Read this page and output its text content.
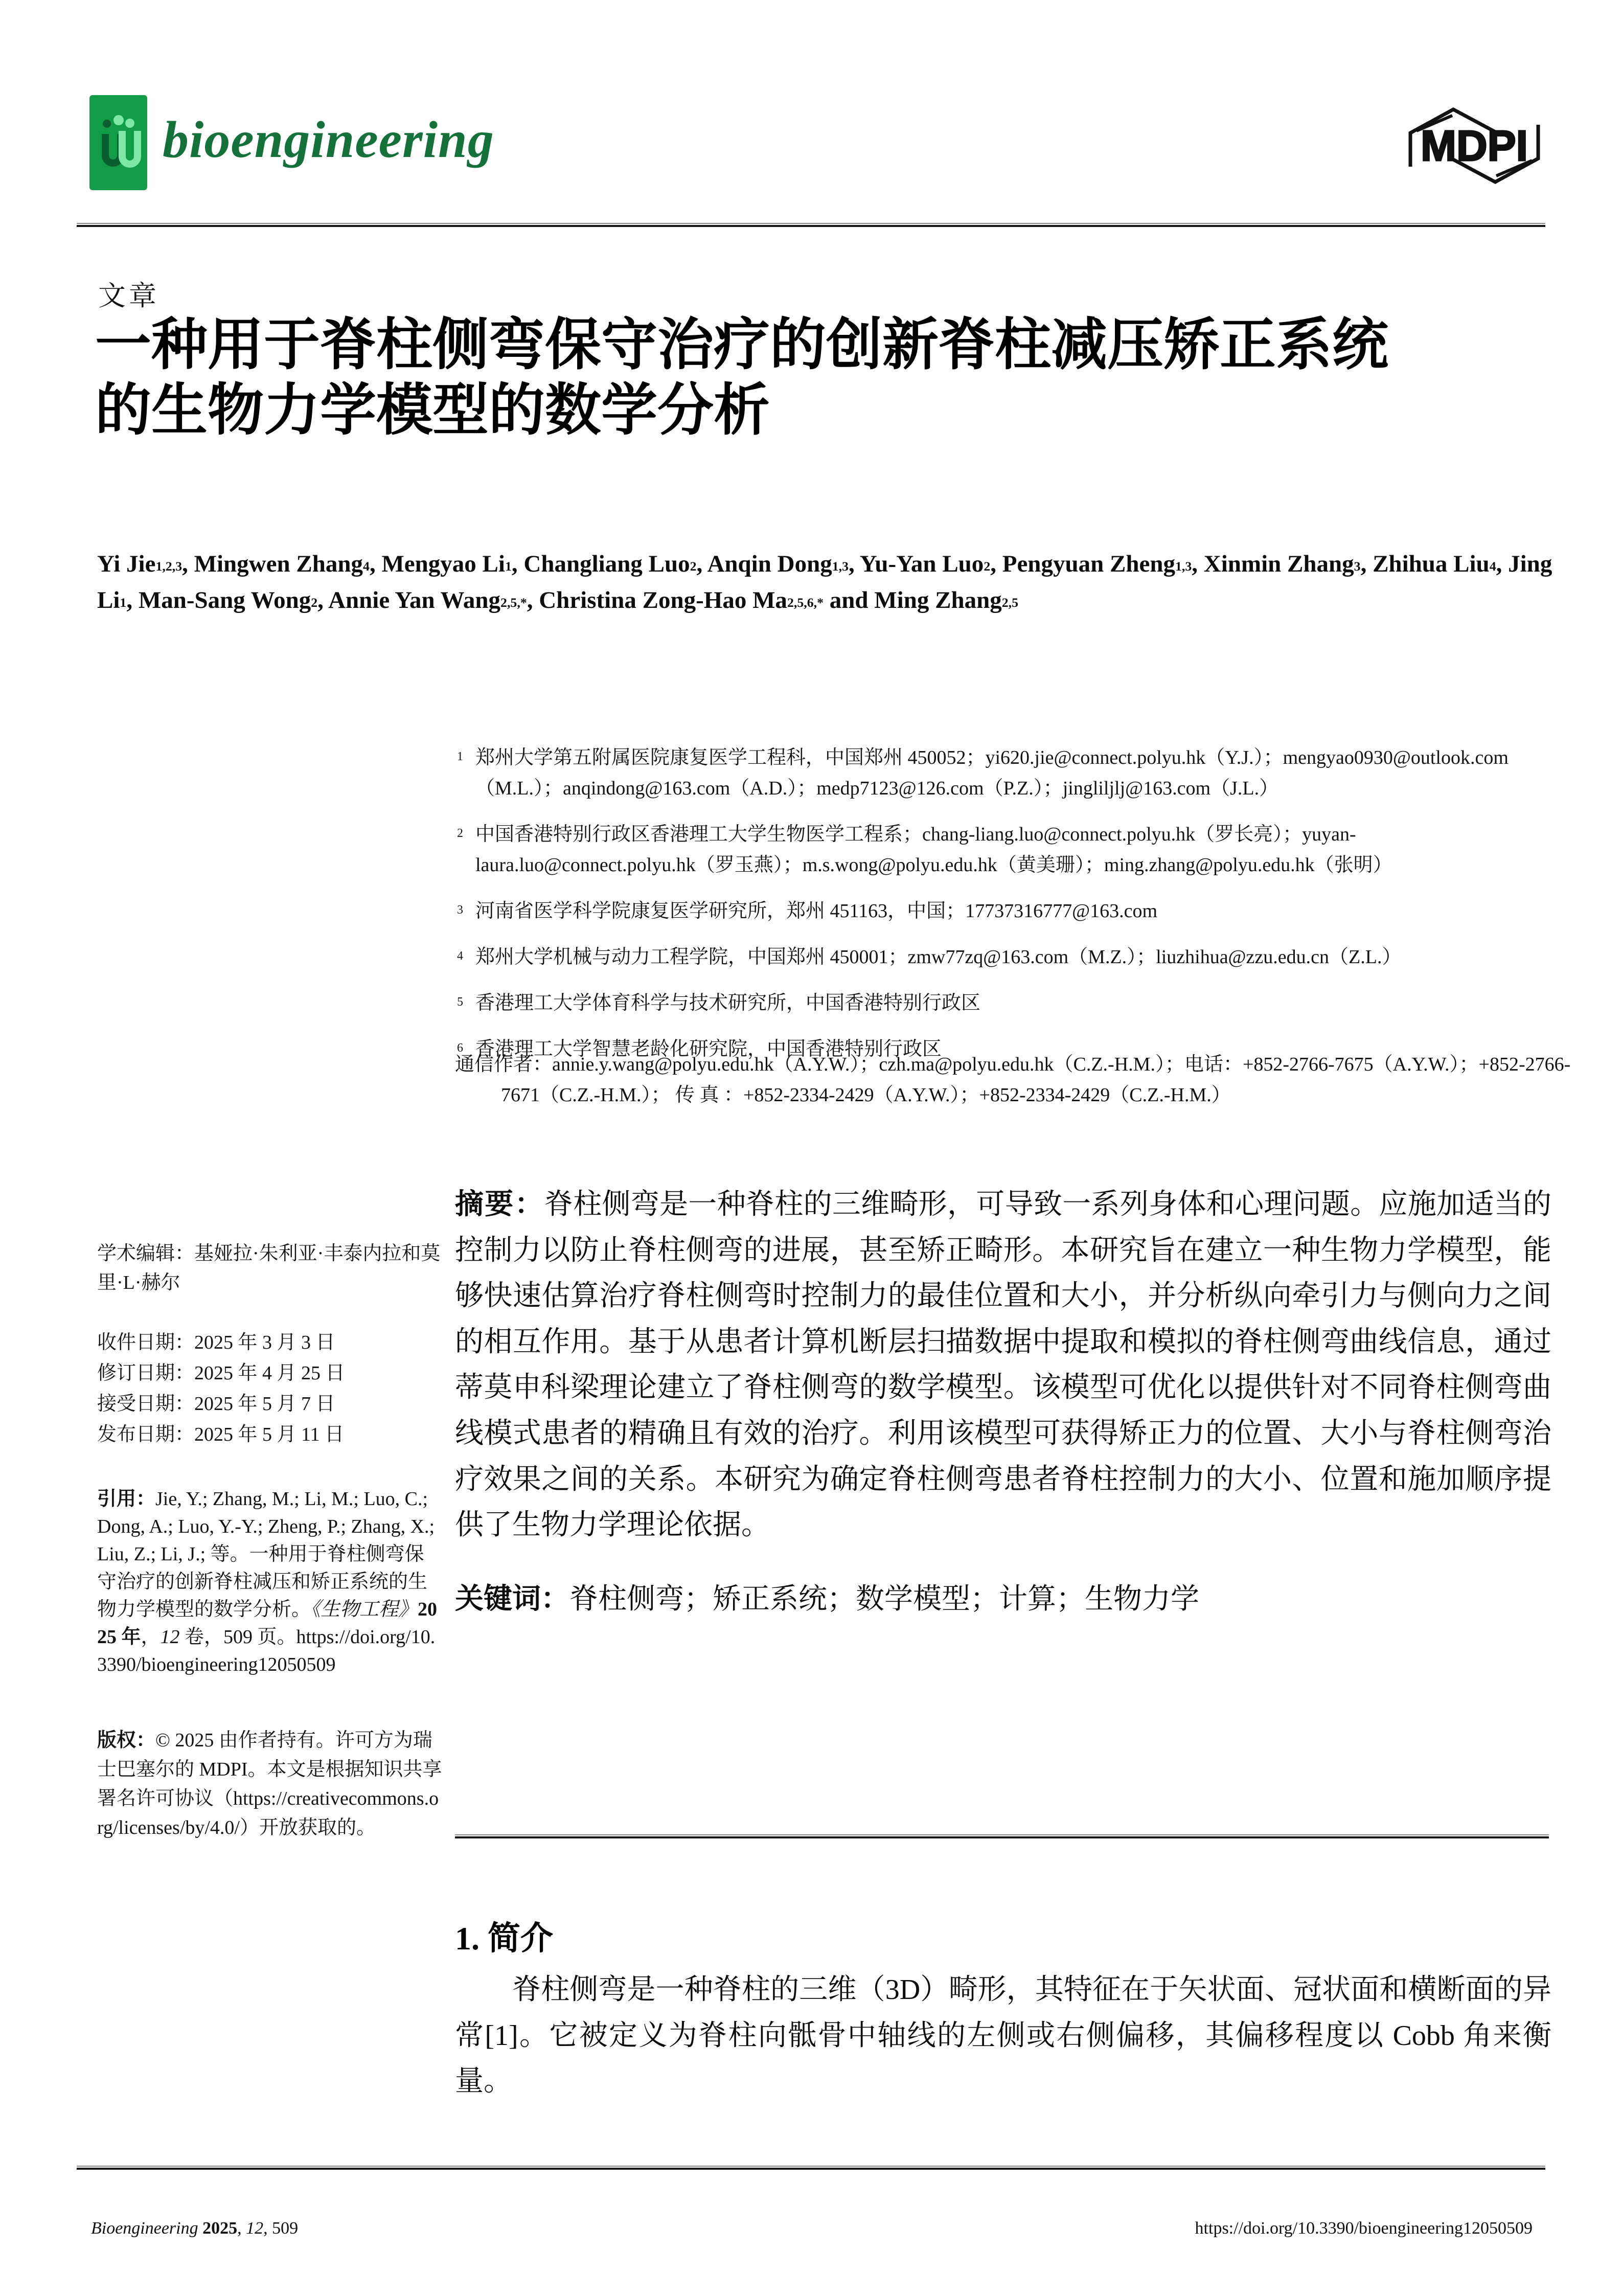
bioengineering	MDPI
文章
一种用于脊柱侧弯保守治疗的创新脊柱减压矫正系统
的生物力学模型的数学分析
Yi Jie1,2,3, Mingwen Zhang4, Mengyao Li1, Changliang Luo2, Anqin Dong1,3, Yu-Yan Luo2, Pengyuan Zheng1,3, Xinmin Zhang3, Zhihua Liu4, Jing Li1, Man-Sang Wong2, Annie Yan Wang2,5,*, Christina Zong-Hao Ma2,5,6,* and Ming Zhang2,5
1 郑州大学第五附属医院康复医学工程科，中国郑州 450052；yi620.jie@connect.polyu.hk（Y.J.）；mengyao0930@outlook.com（M.L.）；anqindong@163.com（A.D.）；medp7123@126.com（P.Z.）；jingliljlj@163.com（J.L.）
2 中国香港特别行政区香港理工大学生物医学工程系；chang-liang.luo@connect.polyu.hk（罗长亮）；yuyan-laura.luo@connect.polyu.hk（罗玉燕）；m.s.wong@polyu.edu.hk（黄美珊）；ming.zhang@polyu.edu.hk（张明）
3 河南省医学科学院康复医学研究所，郑州 451163，中国；17737316777@163.com
4 郑州大学机械与动力工程学院，中国郑州 450001；zmw77zq@163.com（M.Z.）；liuzhihua@zzu.edu.cn（Z.L.）
5 香港理工大学体育科学与技术研究所，中国香港特别行政区
6 香港理工大学智慧老龄化研究院，中国香港特别行政区

通信作者：annie.y.wang@polyu.edu.hk（A.Y.W.）；czh.ma@polyu.edu.hk（C.Z.-H.M.）；电话：+852-2766-7675（A.Y.W.）；+852-2766-7671（C.Z.-H.M.）； 传 真 ：+852-2334-2429（A.Y.W.）；+852-2334-2429（C.Z.-H.M.）

学术编辑：基娅拉·朱利亚·丰泰内拉和莫里·L·赫尔

收件日期：2025 年 3 月 3 日

修订日期：2025 年 4 月 25 日

接受日期：2025 年 5 月 7 日

发布日期：2025 年 5 月 11 日

引用：Jie, Y.; Zhang, M.; Li, M.; Luo, C.; Dong, A.; Luo, Y.-Y.; Zheng, P.; Zhang, X.; Liu, Z.; Li, J.; 等。一种用于脊柱侧弯保守治疗的创新脊柱减压和矫正系统的生物力学模型的数学分析。《生物工程》2025 年，12 卷，509 页。https://doi.org/10.3390/bioengineering12050509

版权：© 2025 由作者持有。许可方为瑞士巴塞尔的 MDPI。本文是根据知识共享署名许可协议（https://creativecommons.org/licenses/by/4.0/）开放获取的。

摘要：脊柱侧弯是一种脊柱的三维畸形，可导致一系列身体和心理问题。应施加适当的控制力以防止脊柱侧弯的进展，甚至矫正畸形。本研究旨在建立一种生物力学模型，能够快速估算治疗脊柱侧弯时控制力的最佳位置和大小，并分析纵向牵引力与侧向力之间的相互作用。基于从患者计算机断层扫描数据中提取和模拟的脊柱侧弯曲线信息，通过蒂莫申科梁理论建立了脊柱侧弯的数学模型。该模型可优化以提供针对不同脊柱侧弯曲线模式患者的精确且有效的治疗。利用该模型可获得矫正力的位置、大小与脊柱侧弯治疗效果之间的关系。本研究为确定脊柱侧弯患者脊柱控制力的大小、位置和施加顺序提供了生物力学理论依据。

关键词：脊柱侧弯；矫正系统；数学模型；计算；生物力学

1. 简介

脊柱侧弯是一种脊柱的三维（3D）畸形，其特征在于矢状面、冠状面和横断面的异常[1]。它被定义为脊柱向骶骨中轴线的左侧或右侧偏移，其偏移程度以 Cobb 角来衡量。

Bioengineering 2025, 12, 509	https://doi.org/10.3390/bioengineering12050509
